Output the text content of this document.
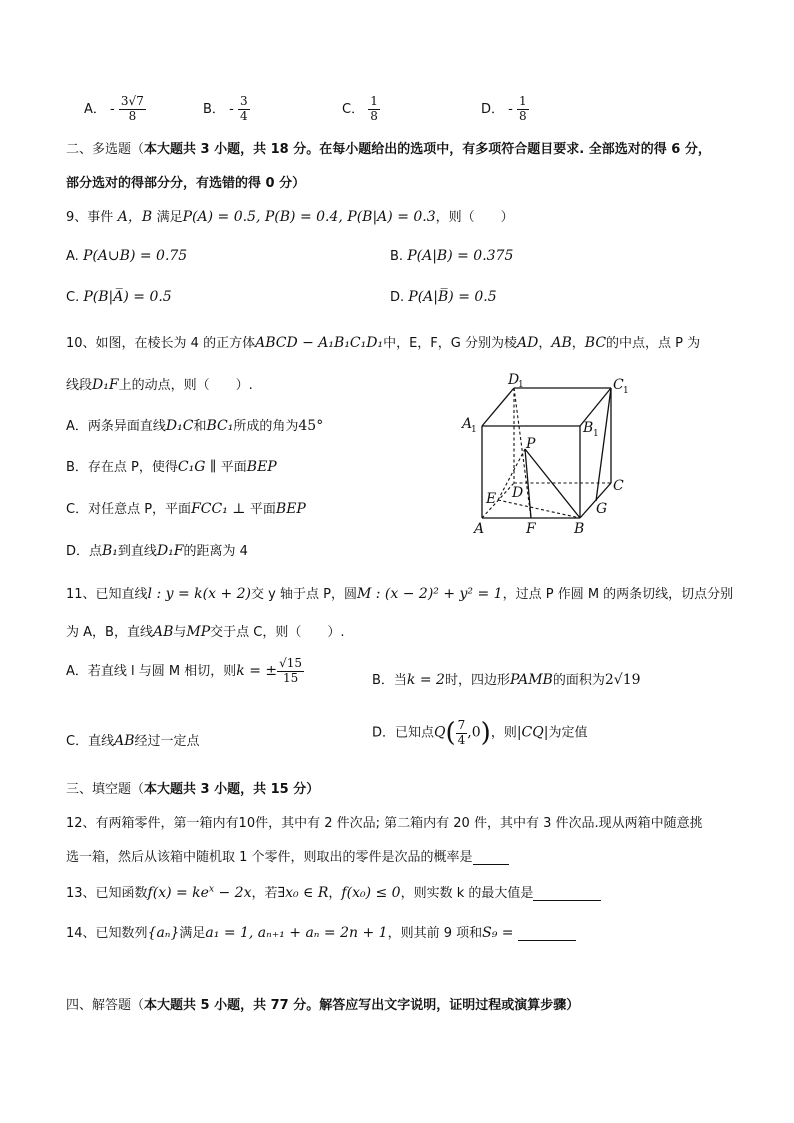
A． - $\frac{3√7}{8}$	B． - $\frac{3}{4}$	C． $\frac{1}{8}$	D． - $\frac{1}{8}$
二、多选题（本大题共 3 小题，共 18 分。在每小题给出的选项中，有多项符合题目要求. 全部选对的得 6 分，
部分选对的得部分分，有选错的得 0 分）
9、事件 A，B 满足P(A) = 0.5, P(B) = 0.4, P(B|A) = 0.3，则（　　）
A. P(A∪B) = 0.75	B. P(A|B) = 0.375
C. P(B|A̅) = 0.5	D. P(A|B̅) = 0.5
10、如图，在棱长为 4 的正方体ABCD − A₁B₁C₁D₁中，E，F，G 分别为棱AD，AB，BC的中点，点 P 为
线段D₁F上的动点，则（　　）.
A．两条异面直线D₁C和BC₁所成的角为45°
B．存在点 P，使得C₁G ∥ 平面BEP
C．对任意点 P，平面FCC₁ ⊥ 平面BEP
D．点B₁到直线D₁F的距离为 4
D
1	C 1
A
1	B 1
P
D	C
E
G
A	F	B
11、已知直线l : y = k(x + 2)交 y 轴于点 P，圆M : (x − 2)² + y² = 1，过点 P 作圆 M 的两条切线，切点分别
为 A，B，直线AB与MP交于点 C，则（　　）.
A．若直线 l 与圆 M 相切，则k = ± $\frac{√15}{15}$	B．当k = 2时，四边形PAMB的面积为2√19
C．直线AB经过一定点
D．已知点$Q( \frac{7}{4} ,0)$，则|CQ|为定值
三、填空题（本大题共 3 小题，共 15 分）
12、有两箱零件，第一箱内有10件，其中有 2 件次品; 第二箱内有 20 件，其中有 3 件次品.现从两箱中随意挑
选一箱，然后从该箱中随机取 1 个零件，则取出的零件是次品的概率是
13、已知函数$f(x) = ke^x - 2x$，若∃x₀ ∈ R，f(x₀) ≤ 0，则实数 k 的最大值是
14、已知数列{aₙ}满足a₁ = 1, aₙ₊₁ + aₙ = 2n + 1，则其前 9 项和S₉ =
四、解答题（本大题共 5 小题，共 77 分。解答应写出文字说明，证明过程或演算步骤）
